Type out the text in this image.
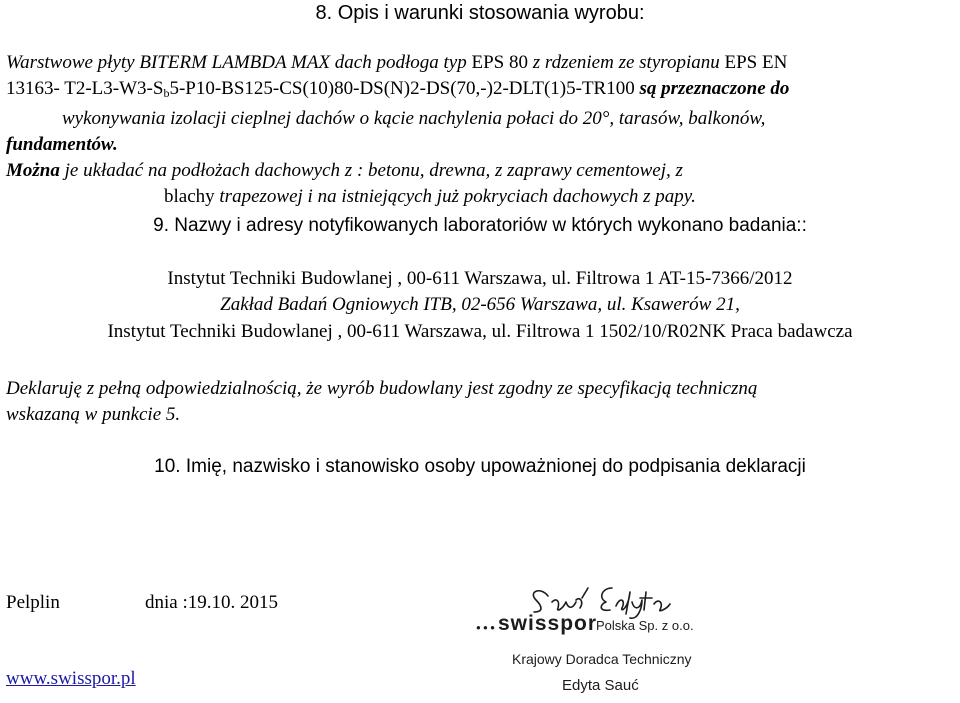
8. Opis i warunki stosowania wyrobu:
Warstwowe płyty BITERM LAMBDA MAX dach podłoga typ EPS 80 z rdzeniem ze styropianu EPS EN
13163- $T2-L3-W3-S_b5-P10-BS125-CS(10)80-DS(N)2-DS(70,-)2-DLT(1)5-TR100$ są przeznaczone do
wykonywania izolacji cieplnej dachów o kącie nachylenia połaci do 20°, tarasów, balkonów,
fundamentów.
Można je układać na podłożach dachowych z : betonu, drewna, z zaprawy cementowej, z
blachy trapezowej i na istniejących już pokryciach dachowych z papy.
9. Nazwy i adresy notyfikowanych laboratoriów w których wykonano badania::
Instytut Techniki Budowlanej , 00-611 Warszawa, ul. Filtrowa 1 AT-15-7366/2012
Zakład Badań Ogniowych ITB, 02-656 Warszawa, ul. Ksawerów 21,
Instytut Techniki Budowlanej , 00-611 Warszawa, ul. Filtrowa 1 1502/10/R02NK Praca badawcza
Deklaruję z pełną odpowiedzialnością, że wyrób budowlany jest zgodny ze specyfikacją techniczną
wskazaną w punkcie 5.
10. Imię, nazwisko i stanowisko osoby upoważnionej do podpisania deklaracji
Pelplin	dnia :19.10. 2015
www.swisspor.pl
● ● ● swisspor
Polska Sp. z o.o.
Krajowy Doradca Techniczny
Edyta Sauć
